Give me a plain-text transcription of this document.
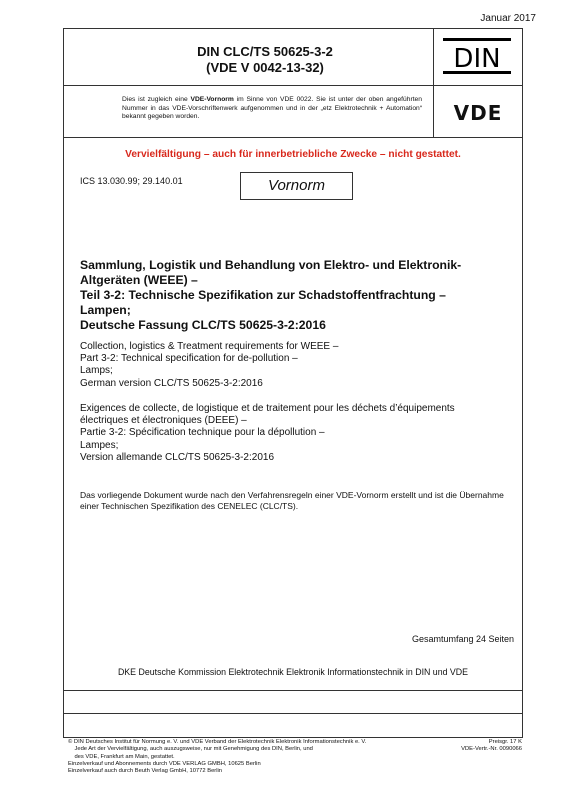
Januar 2017
DIN CLC/TS 50625-3-2
(VDE V 0042-13-32)	DIN
VDE
Dies ist zugleich eine VDE-Vornorm im Sinne von VDE 0022. Sie ist unter der oben angeführten Nummer in das VDE-Vorschriftenwerk aufgenommen und in der „etz Elektrotechnik + Automation“ bekannt gegeben worden.
Vervielfältigung – auch für innerbetriebliche Zwecke – nicht gestattet.
ICS 13.030.99; 29.140.01	Vornorm
Sammlung, Logistik und Behandlung von Elektro- und Elektronik-
Altgeräten (WEEE) –
Teil 3-2: Technische Spezifikation zur Schadstoffentfrachtung –
Lampen;
Deutsche Fassung CLC/TS 50625-3-2:2016
Collection, logistics & Treatment requirements for WEEE –
Part 3-2: Technical specification for de-pollution –
Lamps;
German version CLC/TS 50625-3-2:2016
Exigences de collecte, de logistique et de traitement pour les déchets d’équipements
électriques et électroniques (DEEE) –
Partie 3-2: Spécification technique pour la dépollution –
Lampes;
Version allemande CLC/TS 50625-3-2:2016
Das vorliegende Dokument wurde nach den Verfahrensregeln einer VDE-Vornorm erstellt und ist die Übernahme einer Technischen Spezifikation des CENELEC (CLC/TS).
Gesamtumfang 24 Seiten
DKE Deutsche Kommission Elektrotechnik Elektronik Informationstechnik in DIN und VDE
© DIN Deutsches Institut für Normung e. V. und VDE Verband der Elektrotechnik Elektronik Informationstechnik e. V.
Jede Art der Vervielfältigung, auch auszugsweise, nur mit Genehmigung des DIN, Berlin, und
des VDE, Frankfurt am Main, gestattet.
Einzelverkauf und Abonnements durch VDE VERLAG GMBH, 10625 Berlin
Einzelverkauf auch durch Beuth Verlag GmbH, 10772 Berlin
Preisgr. 17 K
VDE-Vertr.-Nr. 0090066
